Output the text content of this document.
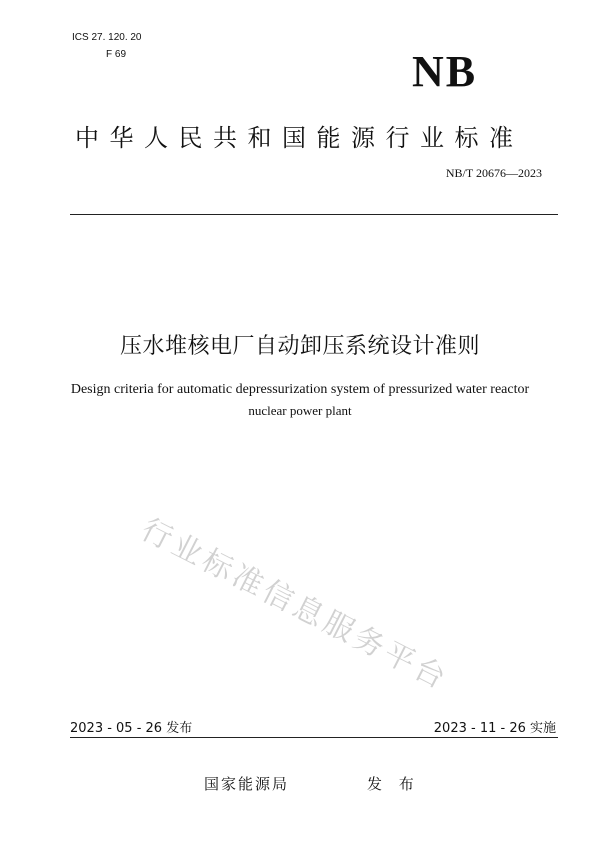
ICS 27. 120. 20
F 69	NB
中华人民共和国能源行业标准
NB/T 20676—2023
压水堆核电厂自动卸压系统设计准则
Design criteria for automatic depressurization system of pressurized water reactor
nuclear power plant
行业标准信息服务平台
2023 - 05 - 26 发布	2023 - 11 - 26 实施
国家能源局	发 布
